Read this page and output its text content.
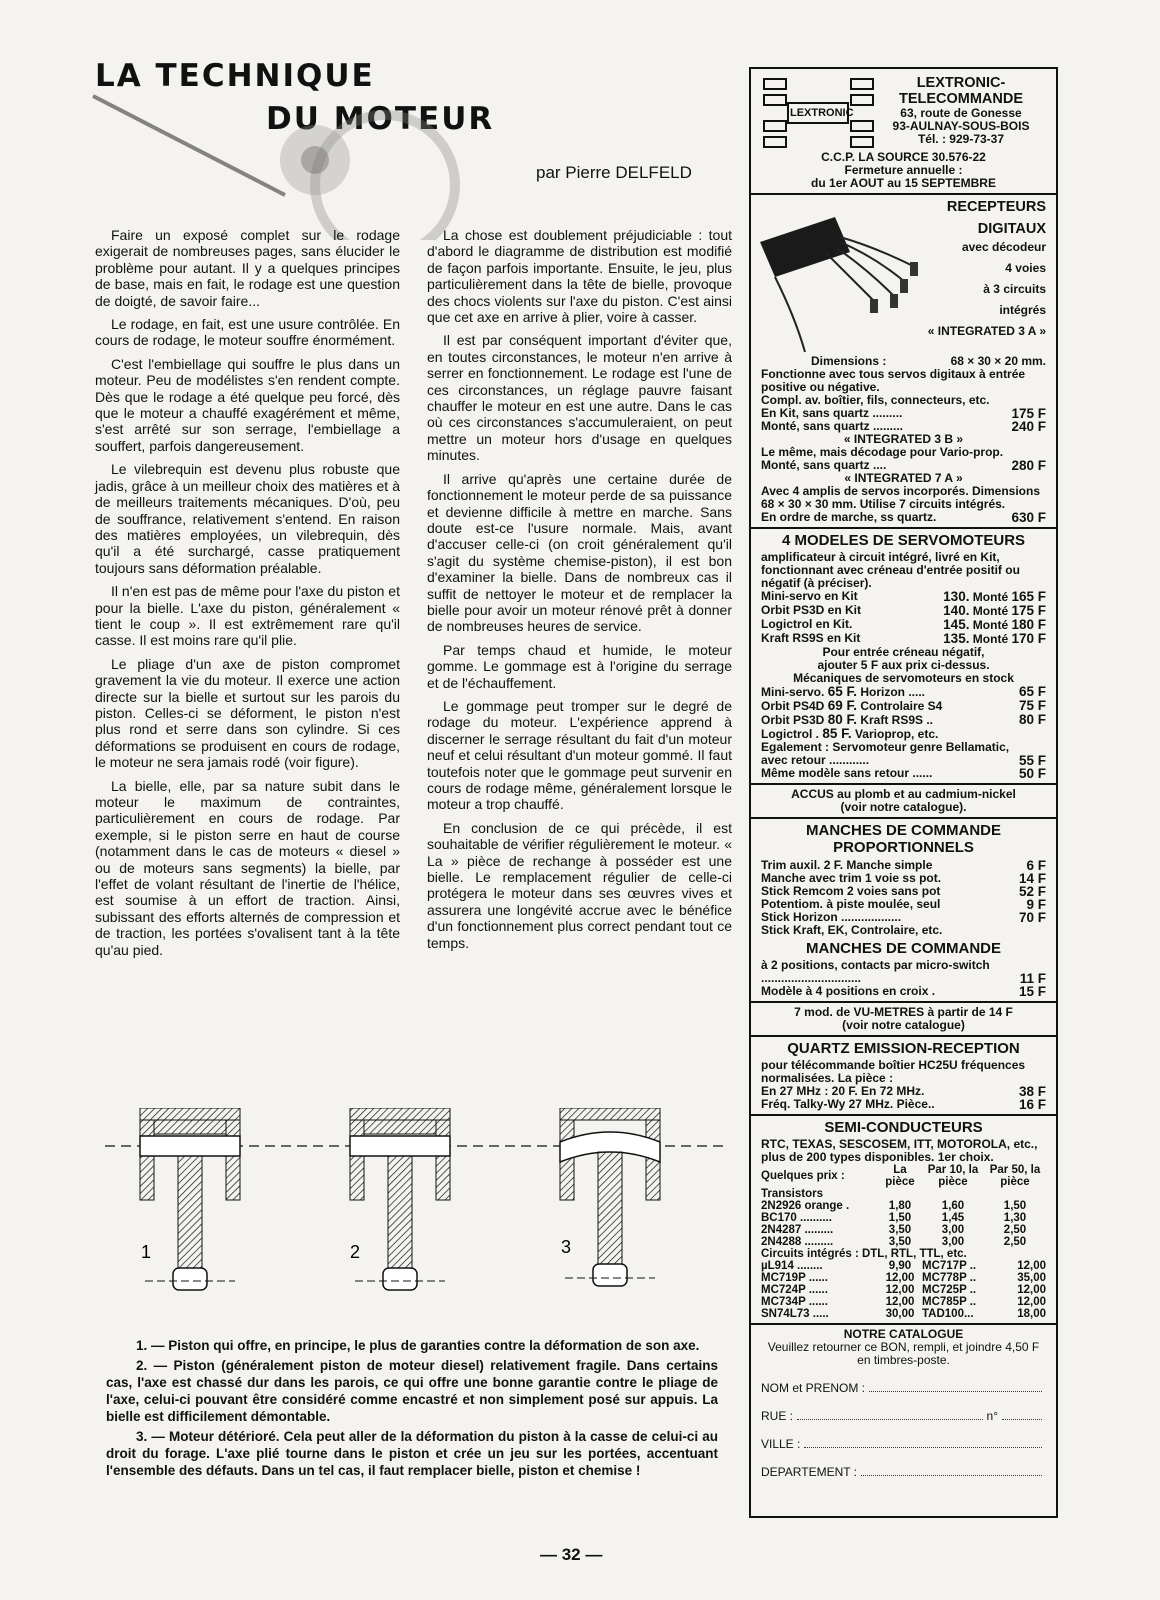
LA TECHNIQUE
DU MOTEUR
par Pierre DELFELD

Faire un exposé complet sur le rodage exigerait de nombreuses pages, sans élucider le problème pour autant. Il y a quelques principes de base, mais en fait, le rodage est une question de doigté, de savoir faire...

Le rodage, en fait, est une usure contrôlée. En cours de rodage, le moteur souffre énormément.

C'est l'embiellage qui souffre le plus dans un moteur. Peu de modélistes s'en rendent compte. Dès que le rodage a été quelque peu forcé, dès que le moteur a chauffé exagérément et même, s'est arrêté sur son serrage, l'embiellage a souffert, parfois dangereusement.

Le vilebrequin est devenu plus robuste que jadis, grâce à un meilleur choix des matières et à de meilleurs traitements mécaniques. D'où, peu de souffrance, relativement s'entend. En raison des matières employées, un vilebrequin, dès qu'il a été surchargé, casse pratiquement toujours sans déformation préalable.

Il n'en est pas de même pour l'axe du piston et pour la bielle. L'axe du piston, généralement « tient le coup ». Il est extrêmement rare qu'il casse. Il est moins rare qu'il plie.

Le pliage d'un axe de piston compromet gravement la vie du moteur. Il exerce une action directe sur la bielle et surtout sur les parois du piston. Celles-ci se déforment, le piston n'est plus rond et serre dans son cylindre. Si ces déformations se produisent en cours de rodage, le moteur ne sera jamais rodé (voir figure).

La bielle, elle, par sa nature subit dans le moteur le maximum de contraintes, particulièrement en cours de rodage. Par exemple, si le piston serre en haut de course (notamment dans le cas de moteurs « diesel » ou de moteurs sans segments) la bielle, par l'effet de volant résultant de l'inertie de l'hélice, est soumise à un effort de traction. Ainsi, subissant des efforts alternés de compression et de traction, les portées s'ovalisent tant à la tête qu'au pied.

La chose est doublement préjudiciable : tout d'abord le diagramme de distribution est modifié de façon parfois importante. Ensuite, le jeu, plus particulièrement dans la tête de bielle, provoque des chocs violents sur l'axe du piston. C'est ainsi que cet axe en arrive à plier, voire à casser.

Il est par conséquent important d'éviter que, en toutes circonstances, le moteur n'en arrive à serrer en fonctionnement. Le rodage est l'une de ces circonstances, un réglage pauvre faisant chauffer le moteur en est une autre. Dans le cas où ces circonstances s'accumuleraient, on peut mettre un moteur hors d'usage en quelques minutes.

Il arrive qu'après une certaine durée de fonctionnement le moteur perde de sa puissance et devienne difficile à mettre en marche. Sans doute est-ce l'usure normale. Mais, avant d'accuser celle-ci (on croit généralement qu'il s'agit du système chemise-piston), il est bon d'examiner la bielle. Dans de nombreux cas il suffit de nettoyer le moteur et de remplacer la bielle pour avoir un moteur rénové prêt à donner de nombreuses heures de service.

Par temps chaud et humide, le moteur gomme. Le gommage est à l'origine du serrage et de l'échauffement.

Le gommage peut tromper sur le degré de rodage du moteur. L'expérience apprend à discerner le serrage résultant du fait d'un moteur neuf et celui résultant d'un moteur gommé. Il faut toutefois noter que le gommage peut survenir en cours de rodage même, généralement lorsque le moteur a trop chauffé.

En conclusion de ce qui précède, il est souhaitable de vérifier régulièrement le moteur. « La » pièce de rechange à posséder est une bielle. Le remplacement régulier de celle-ci protégera le moteur dans ses œuvres vives et assurera une longévité accrue avec le bénéfice d'un fonctionnement plus correct pendant tout ce temps.

1	2	3

1. — Piston qui offre, en principe, le plus de garanties contre la déformation de son axe.

2. — Piston (généralement piston de moteur diesel) relativement fragile. Dans certains cas, l'axe est chassé dur dans les parois, ce qui offre une bonne garantie contre le pliage de l'axe, celui-ci pouvant être considéré comme encastré et non simplement posé sur appuis. La bielle est difficilement démontable.

3. — Moteur détérioré. Cela peut aller de la déformation du piston à la casse de celui-ci au droit du forage. L'axe plié tourne dans le piston et crée un jeu sur les portées, accentuant l'ensemble des défauts. Dans un tel cas, il faut remplacer bielle, piston et chemise !

— 32 —
LEXTRONIC
LEXTRONIC-
TELECOMMANDE
63, route de Gonesse
93-AULNAY-SOUS-BOIS
Tél. : 929-73-37
C.C.P. LA SOURCE 30.576-22
Fermeture annuelle :
du 1er AOUT au 15 SEPTEMBRE
RECEPTEURS
DIGITAUX
avec décodeur
4 voies
à 3 circuits
intégrés
« INTEGRATED 3 A »
Dimensions :	68 × 30 × 20 mm.
Fonctionne avec tous servos digitaux à entrée positive ou négative.
Compl. av. boîtier, fils, connecteurs, etc.
En Kit, sans quartz .........	175 F
Monté, sans quartz .........	240 F
« INTEGRATED 3 B »
Le même, mais décodage pour Vario-prop. Monté, sans quartz ....	280 F
« INTEGRATED 7 A »
Avec 4 amplis de servos incorporés. Dimensions 68 × 30 × 30 mm. Utilise 7 circuits intégrés.
En ordre de marche, ss quartz.	630 F
4 MODELES DE SERVOMOTEURS
amplificateur à circuit intégré, livré en Kit, fonctionnant avec créneau d'entrée positif ou négatif (à préciser).
Mini-servo en Kit	130. Monté 165 F
Orbit PS3D en Kit	140. Monté 175 F
Logictrol en Kit.	145. Monté 180 F
Kraft RS9S en Kit	135. Monté 170 F
Pour entrée créneau négatif,
ajouter 5 F aux prix ci-dessus.
Mécaniques de servomoteurs en stock
Mini-servo. 65 F. Horizon .....	65 F
Orbit PS4D 69 F. Controlaire S4	75 F
Orbit PS3D 80 F. Kraft RS9S ..	80 F
Logictrol . 85 F. Varioprop, etc.
Egalement : Servomoteur genre Bellamatic, avec retour ............	55 F
Même modèle sans retour ......	50 F
ACCUS au plomb et au cadmium-nickel
(voir notre catalogue).
MANCHES DE COMMANDE
PROPORTIONNELS
Trim auxil. 2 F. Manche simple	6 F
Manche avec trim 1 voie ss pot.	14 F
Stick Remcom 2 voies sans pot	52 F
Potentiom. à piste moulée, seul	9 F
Stick Horizon ..................	70 F
Stick Kraft, EK, Controlaire, etc.
MANCHES DE COMMANDE
à 2 positions, contacts par micro-switch ..............................	11 F
Modèle à 4 positions en croix .	15 F
7 mod. de VU-METRES à partir de 14 F
(voir notre catalogue)
QUARTZ EMISSION-RECEPTION
pour télécommande boîtier HC25U fréquences normalisées. La pièce :
En 27 MHz : 20 F. En 72 MHz.	38 F
Fréq. Talky-Wy 27 MHz. Pièce..	16 F
SEMI-CONDUCTEURS
RTC, TEXAS, SESCOSEM, ITT, MOTOROLA, etc., plus de 200 types disponibles. 1er choix.
Quelques prix :	La pièce	Par 10, la pièce	Par 50, la pièce
Transistors			
2N2926 orange .	1,80	1,60	1,50
BC170 ..........	1,50	1,45	1,30
2N4287 .........	3,50	3,00	2,50
2N4288 .........	3,50	3,00	2,50
Circuits intégrés : DTL, RTL, TTL, etc.			
µL914 ........	9,90	MC717P ..	12,00
MC719P ......	12,00	MC778P ..	35,00
MC724P ......	12,00	MC725P ..	12,00
MC734P ......	12,00	MC785P ..	12,00
SN74L73 .....	30,00	TAD100...	18,00
NOTRE CATALOGUE
Veuillez retourner ce BON, rempli, et joindre 4,50 F en timbres-poste.
NOM et PRENOM :
RUE :	n°
VILLE :
DEPARTEMENT :
